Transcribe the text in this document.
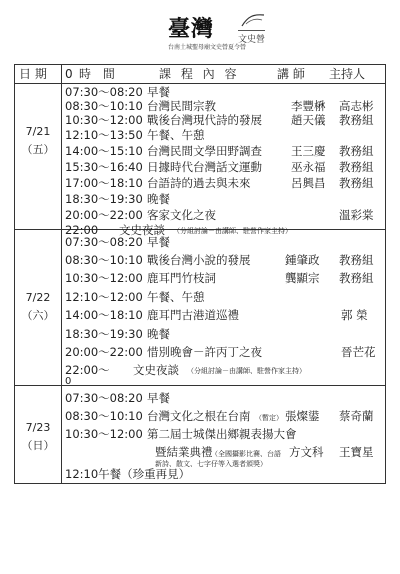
臺灣	文史營
台南土城聖母廟文史營夏令營
日 期 0 時 間	課 程 內 容	講 師 主持人
7/21
（五）
07:30～08:20 早餐
08:30～10:10 台灣民間宗教	李豐楙 高志彬
10:30～12:00 戰後台灣現代詩的發展	趙天儀 教務組
12:10～13:50 午餐、午憩
14:00～15:10 台灣民間文學田野調查	王三慶 教務組
15:30～16:40 日據時代台灣話文運動	巫永福 教務組
17:00～18:10 台語詩的過去與未來	呂興昌 教務組
18:30～19:30 晚餐
20:00～22:00 客家文化之夜	溫彩棠
22:00 文史夜談 （分組討論－由講師、駐營作家主持）
7/22
（六）
07:30～08:20 早餐
08:30～10:10 戰後台灣小說的發展	鍾肇政 教務組
10:30～12:00 鹿耳門竹枝詞	龔顯宗 教務組
12:10～12:00 午餐、午憩
14:00～18:10 鹿耳門古港道巡禮	郭 榮
18:30～19:30 晚餐
20:00～22:00 惜別晚會－許丙丁之夜	晉芒花
22:00～ 文史夜談 （分組討論－由講師、駐營作家主持）
0
7/23
（日）
07:30～08:20 早餐
08:30～10:10 台灣文化之根在台南 （暫定） 張燦鍙 蔡奇蘭
10:30～12:00 第二屆士城傑出鄉親表揚大會
暨結業典禮
（全國攝影比賽、台語 方文科 王寶星
新詩、散文、七字仔等入選者頒獎）
12:10午餐（珍重再見）
